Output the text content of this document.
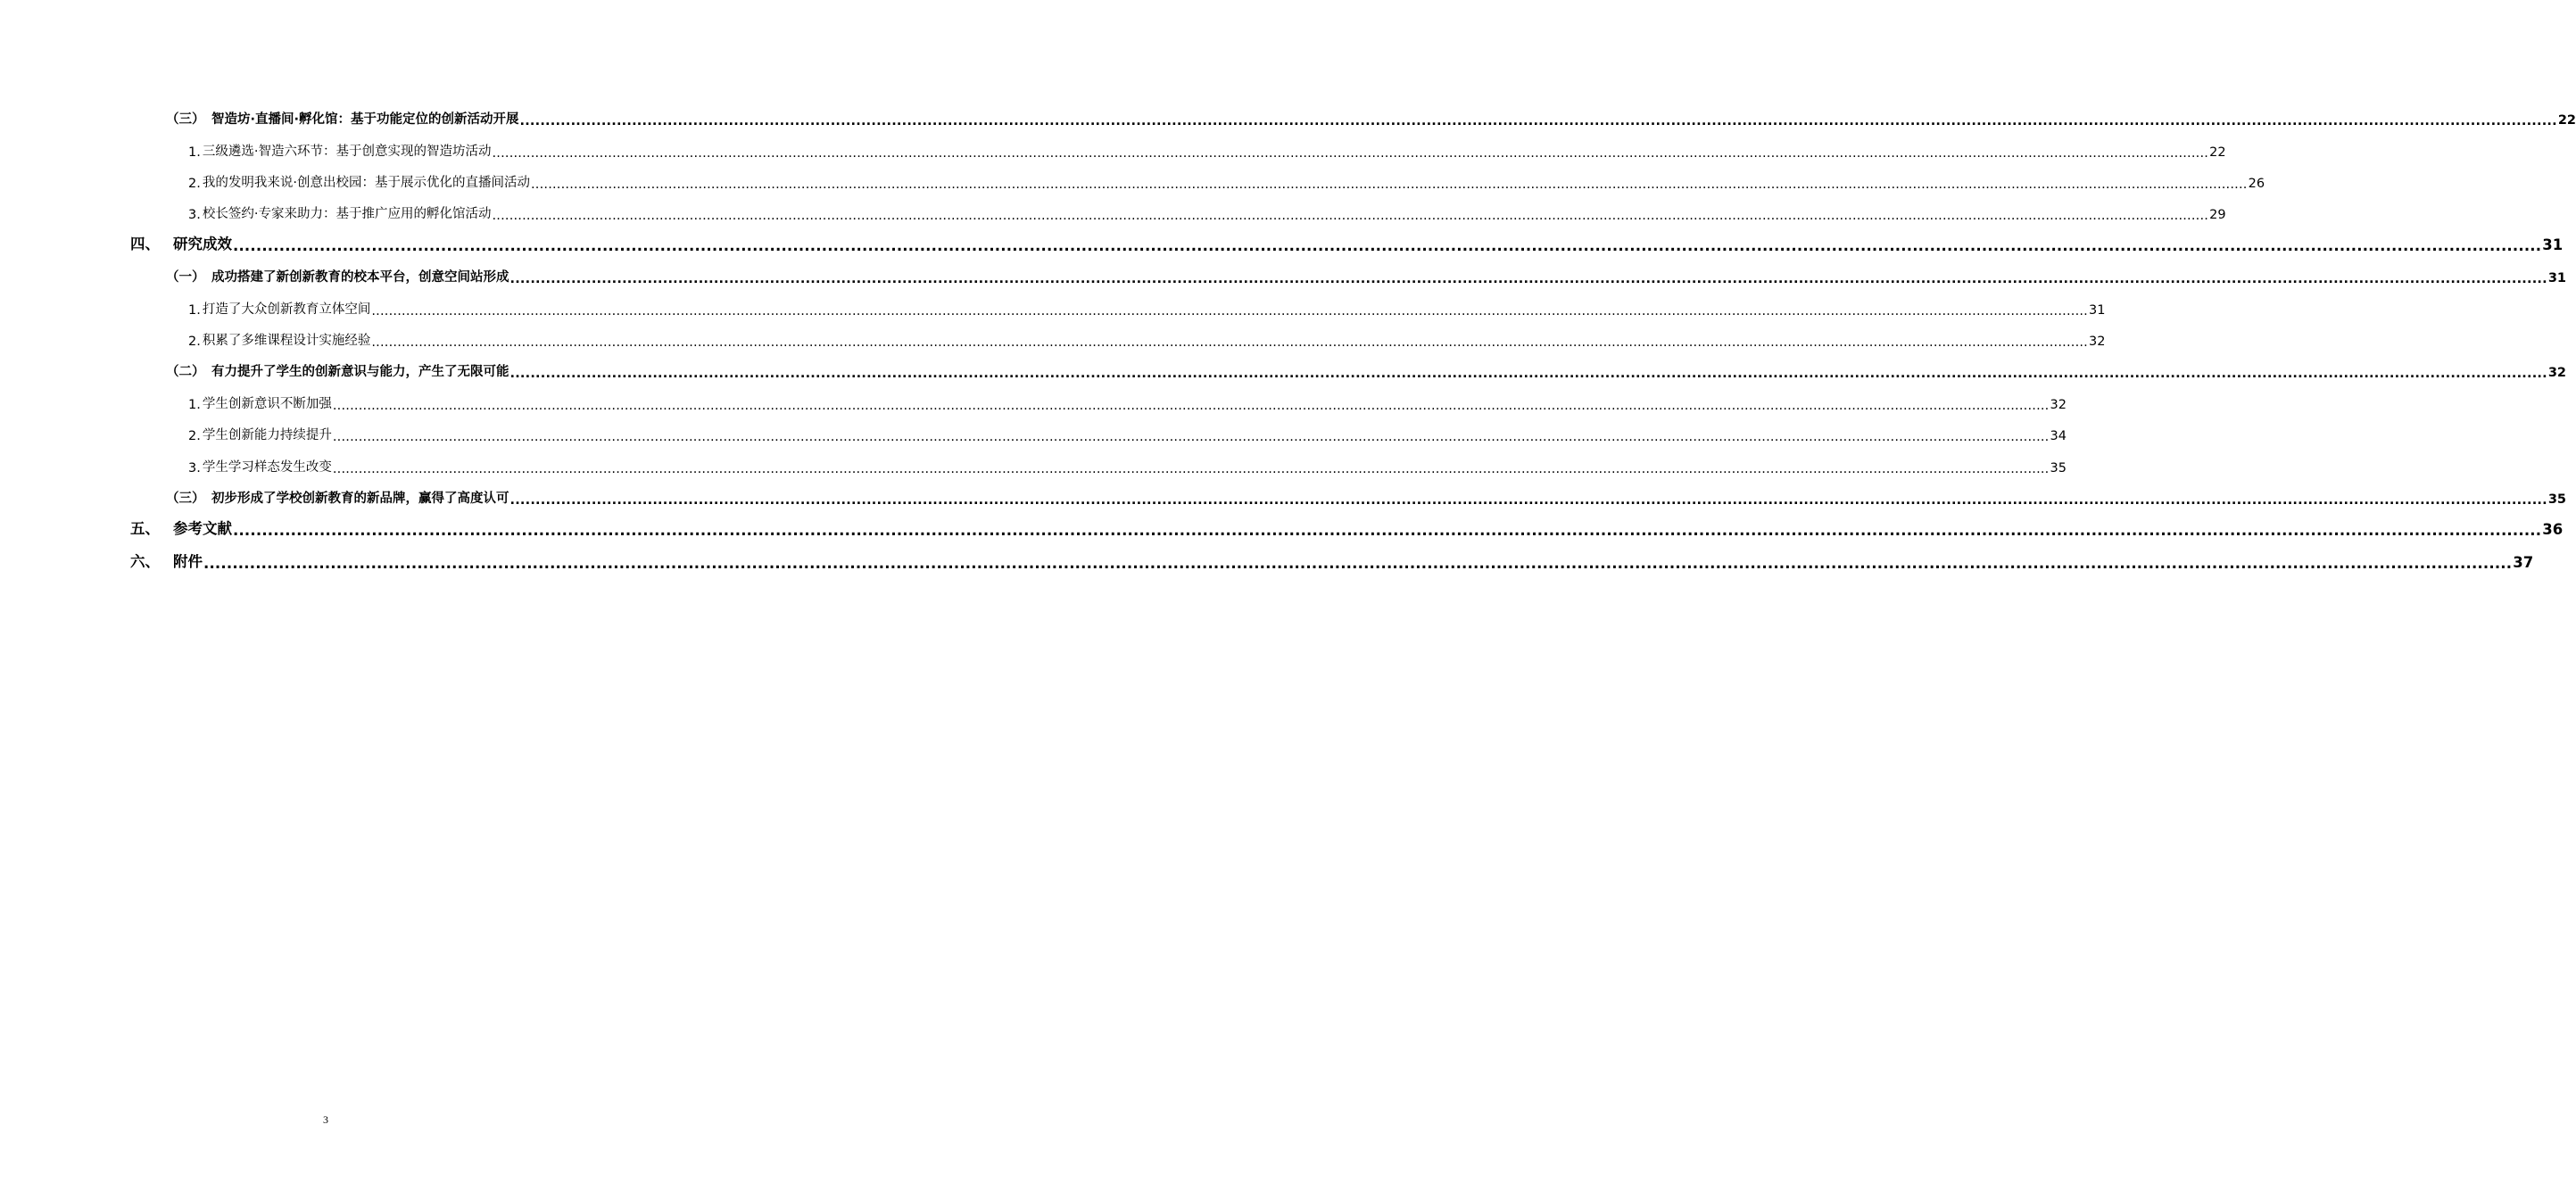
（三） 智造坊·直播间·孵化馆：基于功能定位的创新活动开展 ................................................................................................................................................................................................................................................................................................................................................................................................................ 22
1. 三级遴选·智造六环节：基于创意实现的智造坊活动 ................................................................................................................................................................................................................................................................................................................................................................................................................ 22
2. 我的发明我来说·创意出校园：基于展示优化的直播间活动 ................................................................................................................................................................................................................................................................................................................................................................................................................ 26
3. 校长签约·专家来助力：基于推广应用的孵化馆活动 ................................................................................................................................................................................................................................................................................................................................................................................................................ 29
四、 研究成效 ................................................................................................................................................................................................................................................................................................................................................................................................................ 31
（一） 成功搭建了新创新教育的校本平台，创意空间站形成 ................................................................................................................................................................................................................................................................................................................................................................................................................ 31
1. 打造了大众创新教育立体空间 ................................................................................................................................................................................................................................................................................................................................................................................................................ 31
2. 积累了多维课程设计实施经验 ................................................................................................................................................................................................................................................................................................................................................................................................................ 32
（二） 有力提升了学生的创新意识与能力，产生了无限可能 ................................................................................................................................................................................................................................................................................................................................................................................................................ 32
1. 学生创新意识不断加强 ................................................................................................................................................................................................................................................................................................................................................................................................................ 32
2. 学生创新能力持续提升 ................................................................................................................................................................................................................................................................................................................................................................................................................ 34
3. 学生学习样态发生改变 ................................................................................................................................................................................................................................................................................................................................................................................................................ 35
（三） 初步形成了学校创新教育的新品牌，赢得了高度认可 ................................................................................................................................................................................................................................................................................................................................................................................................................ 35
五、 参考文献 ................................................................................................................................................................................................................................................................................................................................................................................................................ 36
六、 附件 ................................................................................................................................................................................................................................................................................................................................................................................................................ 37
3
